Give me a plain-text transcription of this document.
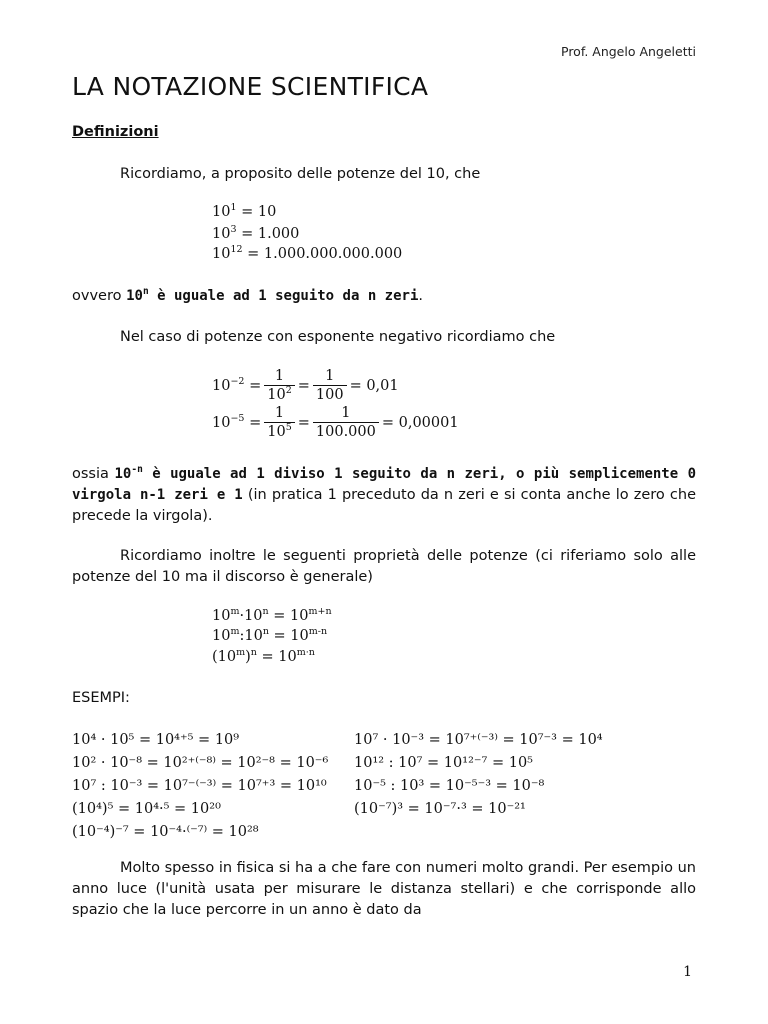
Prof. Angelo Angeletti
LA NOTAZIONE SCIENTIFICA
Definizioni

Ricordiamo, a proposito delle potenze del 10, che

$10^1 = 10$
$10^3 = 1.000$
$10^{12} = 1.000.000.000.000$

ovvero 10$^n$ è uguale ad 1 seguito da n zeri.

Nel caso di potenze con esponente negativo ricordiamo che

$10^{-2} = \frac{1}{10^2} = \frac{1}{100} = 0,01$
$10^{-5} = \frac{1}{10^5} = \frac{1}{100.000} = 0,00001$

ossia $10^{-n}$ è uguale ad 1 diviso 1 seguito da n zeri, o più semplicemente 0 virgola n-1 zeri e 1 (in pratica 1 preceduto da n zeri e si conta anche lo zero che precede la virgola).

Ricordiamo inoltre le seguenti proprietà delle potenze (ci riferiamo solo alle potenze del 10 ma il discorso è generale)

$10^m\cdot 10^n = 10^{m+n}$
$10^m:10^n = 10^{m-n}$
$(10^m)^n = 10^{m\cdot n}$

ESEMPI:

10⁴ · 10⁵ = 10⁴⁺⁵ = 10⁹
10² · 10⁻⁸ = 10²⁺⁽⁻⁸⁾ = 10²⁻⁸ = 10⁻⁶
10⁷ : 10⁻³ = 10⁷⁻⁽⁻³⁾ = 10⁷⁺³ = 10¹⁰
(10⁴)⁵ = 10⁴·⁵ = 10²⁰
(10⁻⁴)⁻⁷ = 10⁻⁴·⁽⁻⁷⁾ = 10²⁸
10⁷ · 10⁻³ = 10⁷⁺⁽⁻³⁾ = 10⁷⁻³ = 10⁴
10¹² : 10⁷ = 10¹²⁻⁷ = 10⁵
10⁻⁵ : 10³ = 10⁻⁵⁻³ = 10⁻⁸
(10⁻⁷)³ = 10⁻⁷·³ = 10⁻²¹

Molto spesso in fisica si ha a che fare con numeri molto grandi. Per esempio un anno luce (l'unità usata per misurare le distanza stellari) e che corrisponde allo spazio che la luce percorre in un anno è dato da

1
